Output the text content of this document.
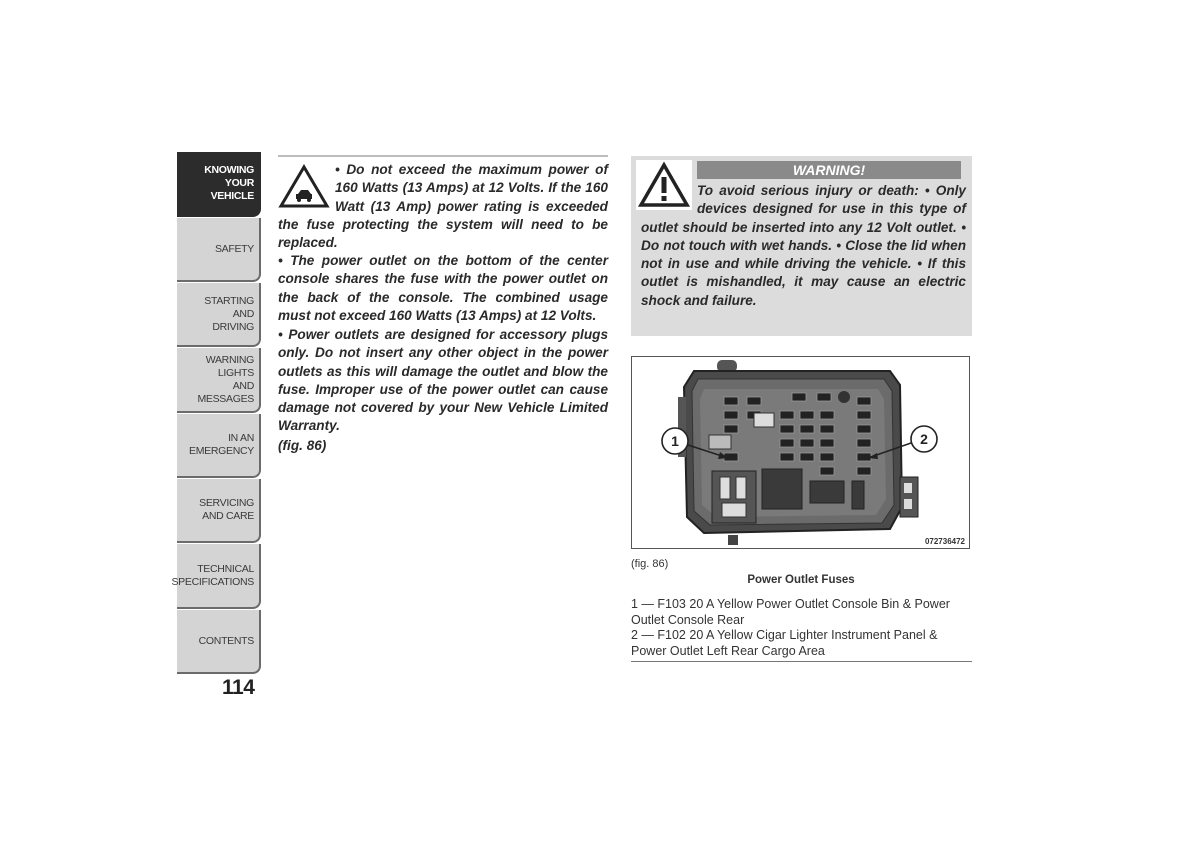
KNOWING
YOUR
VEHICLE
SAFETY
STARTING
AND
DRIVING
WARNING
LIGHTS
AND
MESSAGES
IN AN
EMERGENCY
SERVICING
AND CARE
TECHNICAL
SPECIFICATIONS
CONTENTS
114

• Do not exceed the maximum power of 160 Watts (13 Amps) at 12 Volts. If the 160 Watt (13 Amp) power rating is exceeded the fuse protecting the system will need to be replaced.

• The power outlet on the bottom of the center console shares the fuse with the power outlet on the back of the console. The combined usage must not exceed 160 Watts (13 Amps) at 12 Volts.

• Power outlets are designed for accessory plugs only. Do not insert any other object in the power outlets as this will damage the outlet and blow the fuse. Improper use of the power outlet can cause damage not covered by your New Vehicle Limited Warranty.

(fig. 86)

WARNING!

To avoid serious injury or death: • Only devices designed for use in this type of outlet should be inserted into any 12 Volt outlet. • Do not touch with wet hands. • Close the lid when not in use and while driving the vehicle. • If this outlet is mishandled, it may cause an electric shock and failure.

1	2
072736472
(fig. 86)
Power Outlet Fuses
1 — F103 20 A Yellow Power Outlet Console Bin & Power Outlet Console Rear
2 — F102 20 A Yellow Cigar Lighter Instrument Panel & Power Outlet Left Rear Cargo Area
